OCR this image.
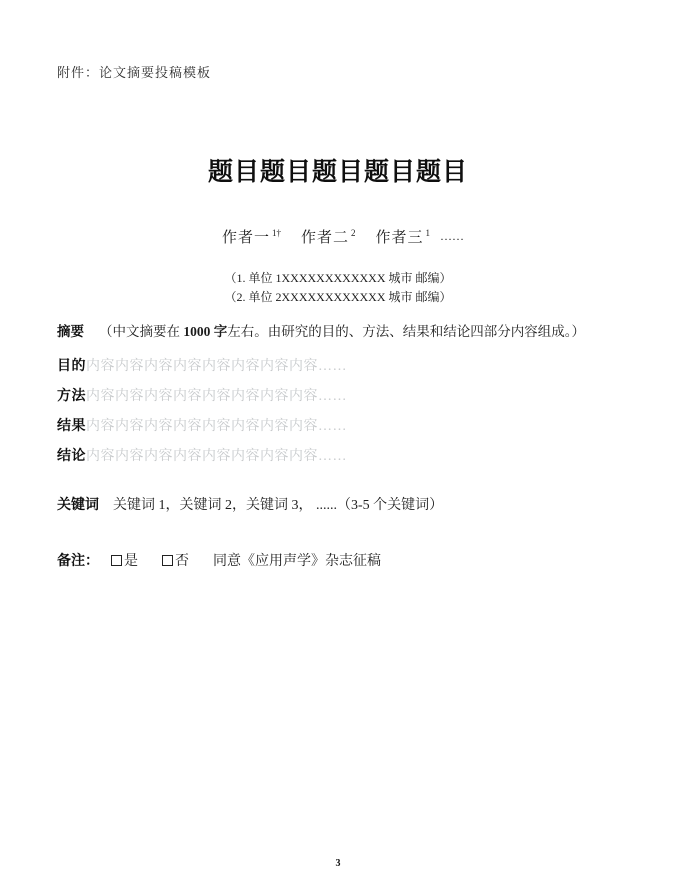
附件：论文摘要投稿模板
题目题目题目题目题目
作者一 $^{1\dagger}$ 作者二 $^2$ 作者三 $^1$ ……
（1. 单位 1XXXXXXXXXXXX 城市 邮编）
（2. 单位 2XXXXXXXXXXXX 城市 邮编）
摘要 （中文摘要在 1000 字左右。由研究的目的、方法、结果和结论四部分内容组成。）
目的内容内容内容内容内容内容内容内容……
方法内容内容内容内容内容内容内容内容……
结果内容内容内容内容内容内容内容内容……
结论内容内容内容内容内容内容内容内容……
关键词 关键词 1，关键词 2，关键词 3， ......（3-5 个关键词）
备注： 是	否 同意《应用声学》杂志征稿
3
